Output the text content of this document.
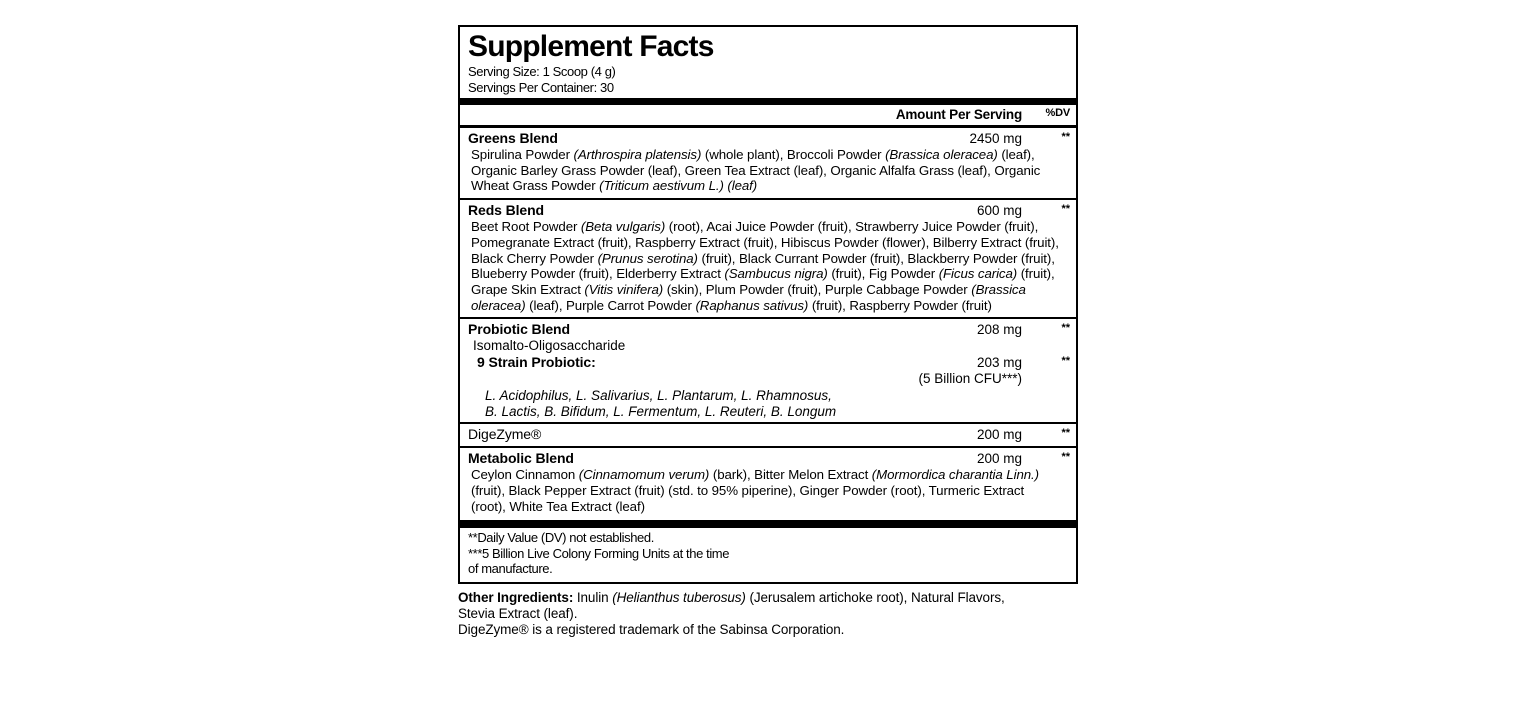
Supplement Facts
Serving Size: 1 Scoop (4 g)
Servings Per Container: 30
Amount Per Serving	%DV
Greens Blend	2450 mg	**
Spirulina Powder (Arthrospira platensis) (whole plant), Broccoli Powder (Brassica oleracea) (leaf), Organic Barley Grass Powder (leaf), Green Tea Extract (leaf), Organic Alfalfa Grass (leaf), Organic Wheat Grass Powder (Triticum aestivum L.) (leaf)
Reds Blend	600 mg	**
Beet Root Powder (Beta vulgaris) (root), Acai Juice Powder (fruit), Strawberry Juice Powder (fruit), Pomegranate Extract (fruit), Raspberry Extract (fruit), Hibiscus Powder (flower), Bilberry Extract (fruit), Black Cherry Powder (Prunus serotina) (fruit), Black Currant Powder (fruit), Blackberry Powder (fruit), Blueberry Powder (fruit), Elderberry Extract (Sambucus nigra) (fruit), Fig Powder (Ficus carica) (fruit), Grape Skin Extract (Vitis vinifera) (skin), Plum Powder (fruit), Purple Cabbage Powder (Brassica oleracea) (leaf), Purple Carrot Powder (Raphanus sativus) (fruit), Raspberry Powder (fruit)
Probiotic Blend	208 mg	**
Isomalto-Oligosaccharide
9 Strain Probiotic:	203 mg	**
(5 Billion CFU***)
L. Acidophilus, L. Salivarius, L. Plantarum, L. Rhamnosus,
B. Lactis, B. Bifidum, L. Fermentum, L. Reuteri, B. Longum
DigeZyme®	200 mg	**
Metabolic Blend	200 mg	**
Ceylon Cinnamon (Cinnamomum verum) (bark), Bitter Melon Extract (Mormordica charantia Linn.) (fruit), Black Pepper Extract (fruit) (std. to 95% piperine), Ginger Powder (root), Turmeric Extract (root), White Tea Extract (leaf)
**Daily Value (DV) not established.
***5 Billion Live Colony Forming Units at the time
of manufacture.
Other Ingredients: Inulin (Helianthus tuberosus) (Jerusalem artichoke root), Natural Flavors,
Stevia Extract (leaf).
DigeZyme® is a registered trademark of the Sabinsa Corporation.
